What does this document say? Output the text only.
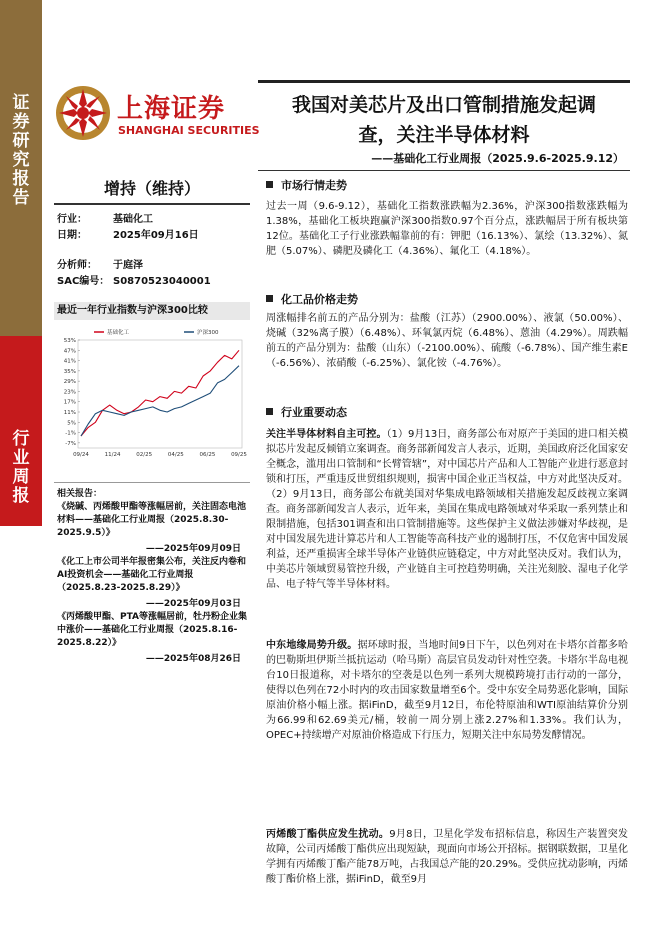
证券研究报告
行业周报
上海证券
SHANGHAI SECURITIES
我国对美芯片及出口管制措施发起调
查，关注半导体材料
——基础化工行业周报（2025.9.6-2025.9.12）
增持（维持）
行业：	基础化工
日期：	2025年09月16日
分析师： 于庭泽
SAC编号： S0870523040001
最近一年行业指数与沪深300比较
53%
47%
41%
35%
29%
23%
17%
11%
5%
-1%
-7%
09/24	11/24	02/25	04/25	06/25	09/25
基础化工	沪深300
相关报告：
《烧碱、丙烯酸甲酯等涨幅居前，关注固态电池材料——基础化工行业周报（2025.8.30-2025.9.5）》
——2025年09月09日
《化工上市公司半年报密集公布，关注反内卷和AI投资机会——基础化工行业周报（2025.8.23-2025.8.29）》
——2025年09月03日
《丙烯酸甲酯、PTA等涨幅居前，牡丹粉企业集中涨价——基础化工行业周报（2025.8.16-2025.8.22）》
——2025年08月26日
市场行情走势
过去一周（9.6-9.12），基础化工指数涨跌幅为2.36%，沪深300指数涨跌幅为1.38%，基础化工板块跑赢沪深300指数0.97个百分点，涨跌幅居于所有板块第12位。基础化工子行业涨跌幅靠前的有：钾肥（16.13%）、氯绘（13.32%）、氮肥（5.07%）、磷肥及磷化工（4.36%）、氟化工（4.18%）。
化工品价格走势
周涨幅排名前五的产品分别为：盐酸（江苏）（2900.00%）、液氯（50.00%）、烧碱（32%离子膜）（6.48%）、环氧氯丙烷（6.48%）、蒽油（4.29%）。周跌幅前五的产品分别为：盐酸（山东）（-2100.00%）、硫酸（-6.78%）、国产维生素E（-6.56%）、浓硝酸（-6.25%）、氯化铵（-4.76%）。
行业重要动态
关注半导体材料自主可控。（1）9月13日，商务部公布对原产于美国的进口相关模拟芯片发起反倾销立案调查。商务部新闻发言人表示，近期，美国政府泛化国家安全概念，滥用出口管制和“长臂管辖”，对中国芯片产品和人工智能产业进行恶意封锁和打压，严重违反世贸组织规则，损害中国企业正当权益，中方对此坚决反对。（2）9月13日，商务部公布就美国对华集成电路领域相关措施发起反歧视立案调查。商务部新闻发言人表示，近年来，美国在集成电路领域对华采取一系列禁止和限制措施，包括301调查和出口管制措施等。这些保护主义做法涉嫌对华歧视，是对中国发展先进计算芯片和人工智能等高科技产业的遏制打压，不仅危害中国发展利益，还严重损害全球半导体产业链供应链稳定，中方对此坚决反对。我们认为，中美芯片领域贸易管控升级，产业链自主可控趋势明确，关注光刻胶、湿电子化学品、电子特气等半导体材料。
中东地缘局势升级。据环球时报，当地时间9日下午，以色列对在卡塔尔首都多哈的巴勒斯坦伊斯兰抵抗运动（哈马斯）高层官员发动针对性空袭。卡塔尔半岛电视台10日报道称，对卡塔尔的空袭是以色列一系列大规模跨境打击行动的一部分，使得以色列在72小时内的攻击国家数量增至6个。受中东安全局势恶化影响，国际原油价格小幅上涨。据iFinD，截至9月12日，布伦特原油和WTI原油结算价分别为66.99和62.69美元/桶，较前一周分别上涨2.27%和1.33%。我们认为，OPEC+持续增产对原油价格造成下行压力，短期关注中东局势发酵情况。
丙烯酸丁酯供应发生扰动。9月8日，卫星化学发布招标信息，称因生产装置突发故障，公司丙烯酸丁酯供应出现短缺，现面向市场公开招标。据钢联数据，卫星化学拥有丙烯酸丁酯产能78万吨，占我国总产能的20.29%。受供应扰动影响，丙烯酸丁酯价格上涨，据iFinD，截至9月
